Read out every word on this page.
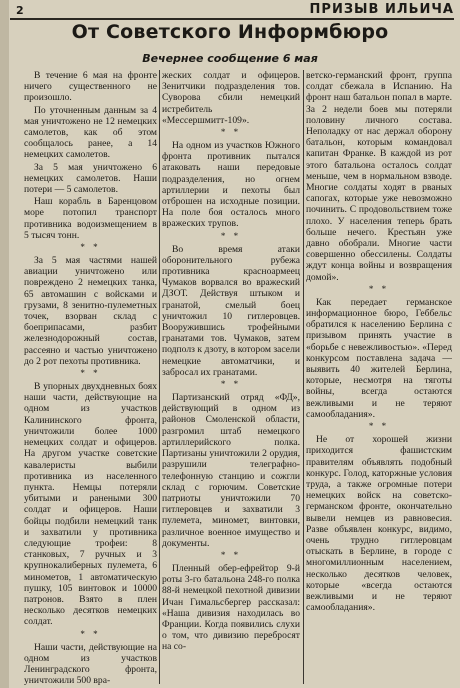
2	ПРИЗЫВ ИЛЬИЧА
От Советского Информбюро
Вечернее сообщение 6 мая

В течение 6 мая на фронте ничего существенного не произошло.

По уточненным данным за 4 мая уничтожено не 12 немецких самолетов, как об этом сообщалось ранее, а 14 немецких самолетов.

За 5 мая уничтожено 6 немецких самолетов. Наши потери — 5 самолетов.

Наш корабль в Баренцовом море потопил транспорт противника водоизмещением в 5 тысяч тонн.

* *

За 5 мая частями нашей авиации уничтожено или повреждено 2 немецких танка, 65 автомашин с войсками и грузами, 8 зенитно-пулеметных точек, взорван склад с боеприпасами, разбит железнодорожный состав, рассеяно и частью уничтожено до 2 рот пехоты противника.

* *

В упорных двухдневных боях наши части, действующие на одном из участков Калининского фронта, уничтожили более 1000 немецких солдат и офицеров. На другом участке советские кавалеристы выбили противника из населенного пункта. Немцы потеряли убитыми и ранеными 300 солдат и офицеров. Наши бойцы подбили немецкий танк и захватили у противника следующие трофеи: 8 станковых, 7 ручных и 3 крупнокалиберных пулемета, 6 минометов, 1 автоматическую пушку, 105 винтовок и 10000 патронов. Взято в плен несколько десятков немецких солдат.

* *

Наши части, действующие на одном из участков Ленинградского фронта, уничтожили 500 вра-

жеских солдат и офицеров. Зенитчики подразделения тов. Суворова сбили немецкий истребитель «Мессершмитт-109».

* *

На одном из участков Южного фронта противник пытался атаковать наши передовые подразделения, но огнем артиллерии и пехоты был отброшен на исходные позиции. На поле боя осталось много вражеских трупов.

* *

Во время атаки оборонительного рубежа противника красноармеец Чумаков ворвался во вражеский ДЗОТ. Действуя штыком и гранатой, смелый боец уничтожил 10 гитлеровцев. Вооружившись трофейными гранатами тов. Чумаков, затем подполз к дзоту, в котором засели немецкие автоматчики, и забросал их гранатами.

* *

Партизанский отряд «ФД», действующий в одном из районов Смоленской области, разгромил штаб немецкого артиллерийского полка. Партизаны уничтожили 2 орудия, разрушили телеграфно-телефонную станцию и сожгли склад с горючим. Советские патриоты уничтожили 70 гитлеровцев и захватили 3 пулемета, миномет, винтовки, различное военное имущество и документы.

* *

Пленный обер-ефрейтор 9-й роты 3-го батальона 248-го полка 88-й немецкой пехотной дивизии Ичан Гимальсбергер рассказал: «Наша дивизия находилась во Франции. Когда появились слухи о том, что дивизию перебросят на со-

ветско-германский фронт, группа солдат сбежала в Испанию. На фронт наш батальон попал в марте. За 2 недели боев мы потеряли половину личного состава. Неполадку от нас держал оборону батальон, которым командовал капитан Франке. В каждой из рот этого батальона осталось солдат меньше, чем в нормальном взводе. Многие солдаты ходят в рваных сапогах, которые уже невозможно починить. С продовольствием тоже плохо. У населения теперь брать больше нечего. Крестьян уже давно обобрали. Многие части совершенно обессилены. Солдаты ждут конца войны и возвращения домой».

* *

Как передает германское информационное бюро, Геббельс обратился к населению Берлина с призывом принять участие в «борьбе с невежливостью». «Перед конкурсом поставлена задача — выявить 40 жителей Берлина, которые, несмотря на тяготы войны, всегда остаются вежливыми и не теряют самообладания».

* *

Не от хорошей жизни приходится фашистским правителям объявлять подобный конкурс. Голод, каторжные условия труда, а также огромные потери немецких войск на советско-германском фронте, окончательно вывели немцев из равновесия. Разве объявлен конкурс, видимо, очень трудно гитлеровцам отыскать в Берлине, в городе с многомиллионным населением, несколько десятков человек, которые «всегда остаются вежливыми и не теряют самообладания».
